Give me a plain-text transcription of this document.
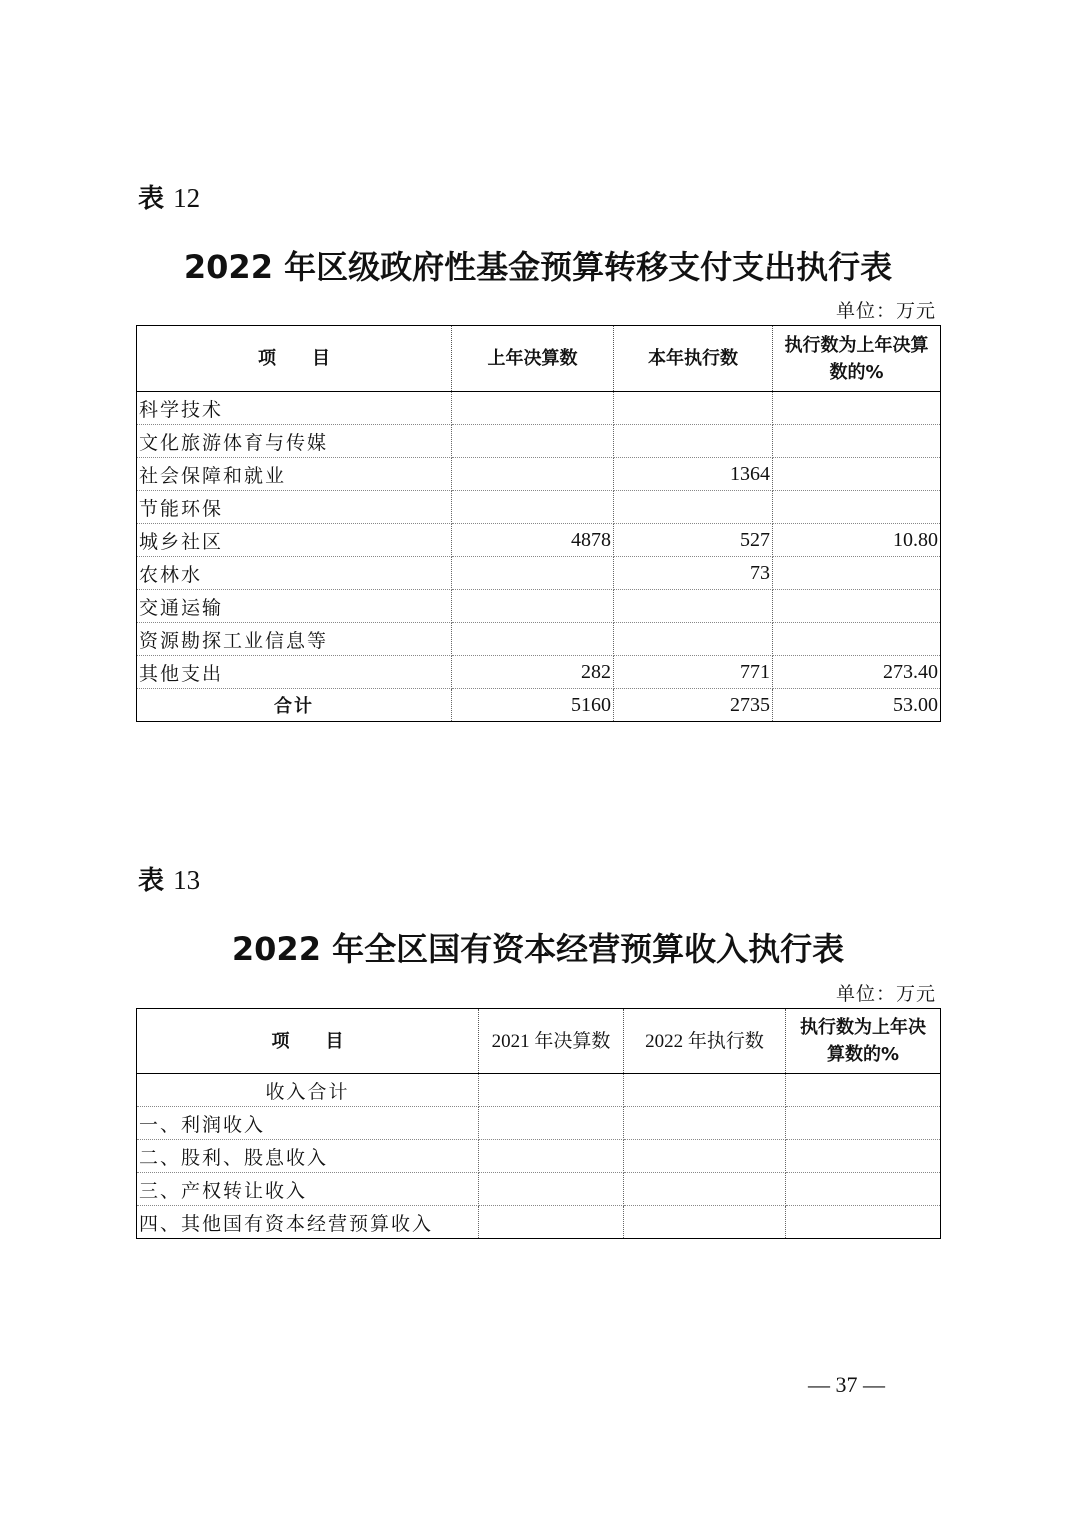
表 12
2022 年区级政府性基金预算转移支付支出执行表
单位：万元
项　　目	上年决算数	本年执行数	执行数为上年决算数的%
科学技术			
文化旅游体育与传媒			
社会保障和就业		1364	
节能环保			
城乡社区	4878	527	10.80
农林水		73	
交通运输			
资源勘探工业信息等			
其他支出	282	771	273.40
合计	5160	2735	53.00
表 13
2022 年全区国有资本经营预算收入执行表
单位：万元
项　　目	2021 年决算数	2022 年执行数	执行数为上年决算数的%
收入合计			
一、利润收入			
二、股利、股息收入			
三、产权转让收入			
四、其他国有资本经营预算收入			
— 37 —
